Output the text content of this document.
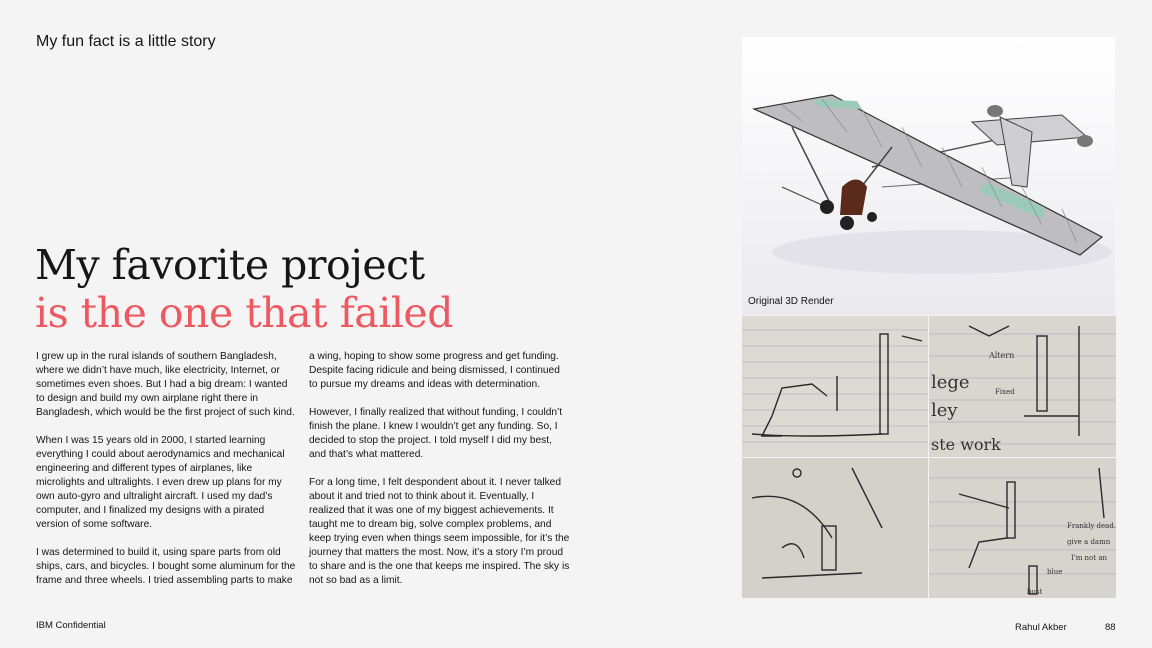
My fun fact is a little story
My favorite project
is the one that failed

I grew up in the rural islands of southern Bangladesh, where we didn’t have much, like electricity, Internet, or sometimes even shoes. But I had a big dream: I wanted to design and build my own airplane right there in Bangladesh, which would be the first project of such kind.

When I was 15 years old in 2000, I started learning everything I could about aerodynamics and mechanical engineering and different types of airplanes, like microlights and ultralights. I even drew up plans for my own auto-gyro and ultralight aircraft. I used my dad’s computer, and I finalized my designs with a pirated version of some software.

I was determined to build it, using spare parts from old ships, cars, and bicycles. I bought some aluminum for the frame and three wheels. I tried assembling parts to make

a wing, hoping to show some progress and get funding. Despite facing ridicule and being dismissed, I continued to pursue my dreams and ideas with determination.

However, I finally realized that without funding, I couldn’t finish the plane. I knew I wouldn’t get any funding. So, I decided to stop the project. I told myself I did my best, and that’s what mattered.

For a long time, I felt despondent about it. I never talked about it and tried not to think about it. Eventually, I realized that it was one of my biggest achievements. It taught me to dream big, solve complex problems, and keep trying even when things seem impossible, for it’s the journey that matters the most. Now, it’s a story I’m proud to share and is the one that keeps me inspired. The sky is not so bad as a limit.

Original 3D Render
Altern
lege
ley
ste work
Fixed
Frankly dead.
give a damn
I'm not an
blue
bust
IBM Confidential	Rahul Akber	88
